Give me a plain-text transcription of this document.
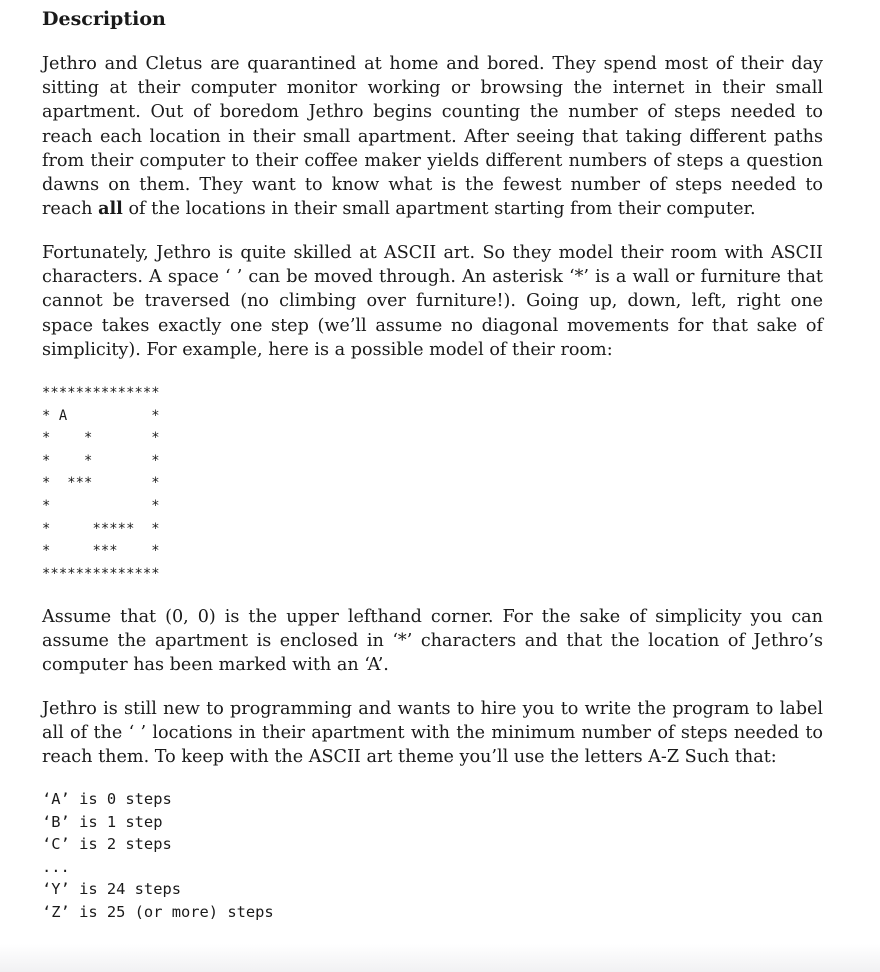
Description

Jethro and Cletus are quarantined at home and bored. They spend most of their day sitting at their computer monitor working or browsing the internet in their small apartment. Out of boredom Jethro begins counting the number of steps needed to reach each location in their small apartment. After seeing that taking different paths from their computer to their coffee maker yields different numbers of steps a question dawns on them. They want to know what is the fewest number of steps needed to reach all of the locations in their small apartment starting from their computer.

Fortunately, Jethro is quite skilled at ASCII art. So they model their room with ASCII characters. A space ‘ ’ can be moved through. An asterisk ‘*’ is a wall or furniture that cannot be traversed (no climbing over furniture!). Going up, down, left, right one space takes exactly one step (we’ll assume no diagonal movements for that sake of simplicity). For example, here is a possible model of their room:

**************
* A          *
*    *       *
*    *       *
*  ***       *
*            *
*     *****  *
*     ***    *
**************

Assume that (0, 0) is the upper lefthand corner. For the sake of simplicity you can assume the apartment is enclosed in ‘*’ characters and that the location of Jethro’s computer has been marked with an ‘A’.

Jethro is still new to programming and wants to hire you to write the program to label all of the ‘ ’ locations in their apartment with the minimum number of steps needed to reach them. To keep with the ASCII art theme you’ll use the letters A-Z Such that:

‘A’ is 0 steps
‘B’ is 1 step
‘C’ is 2 steps
...
‘Y’ is 24 steps
‘Z’ is 25 (or more) steps
